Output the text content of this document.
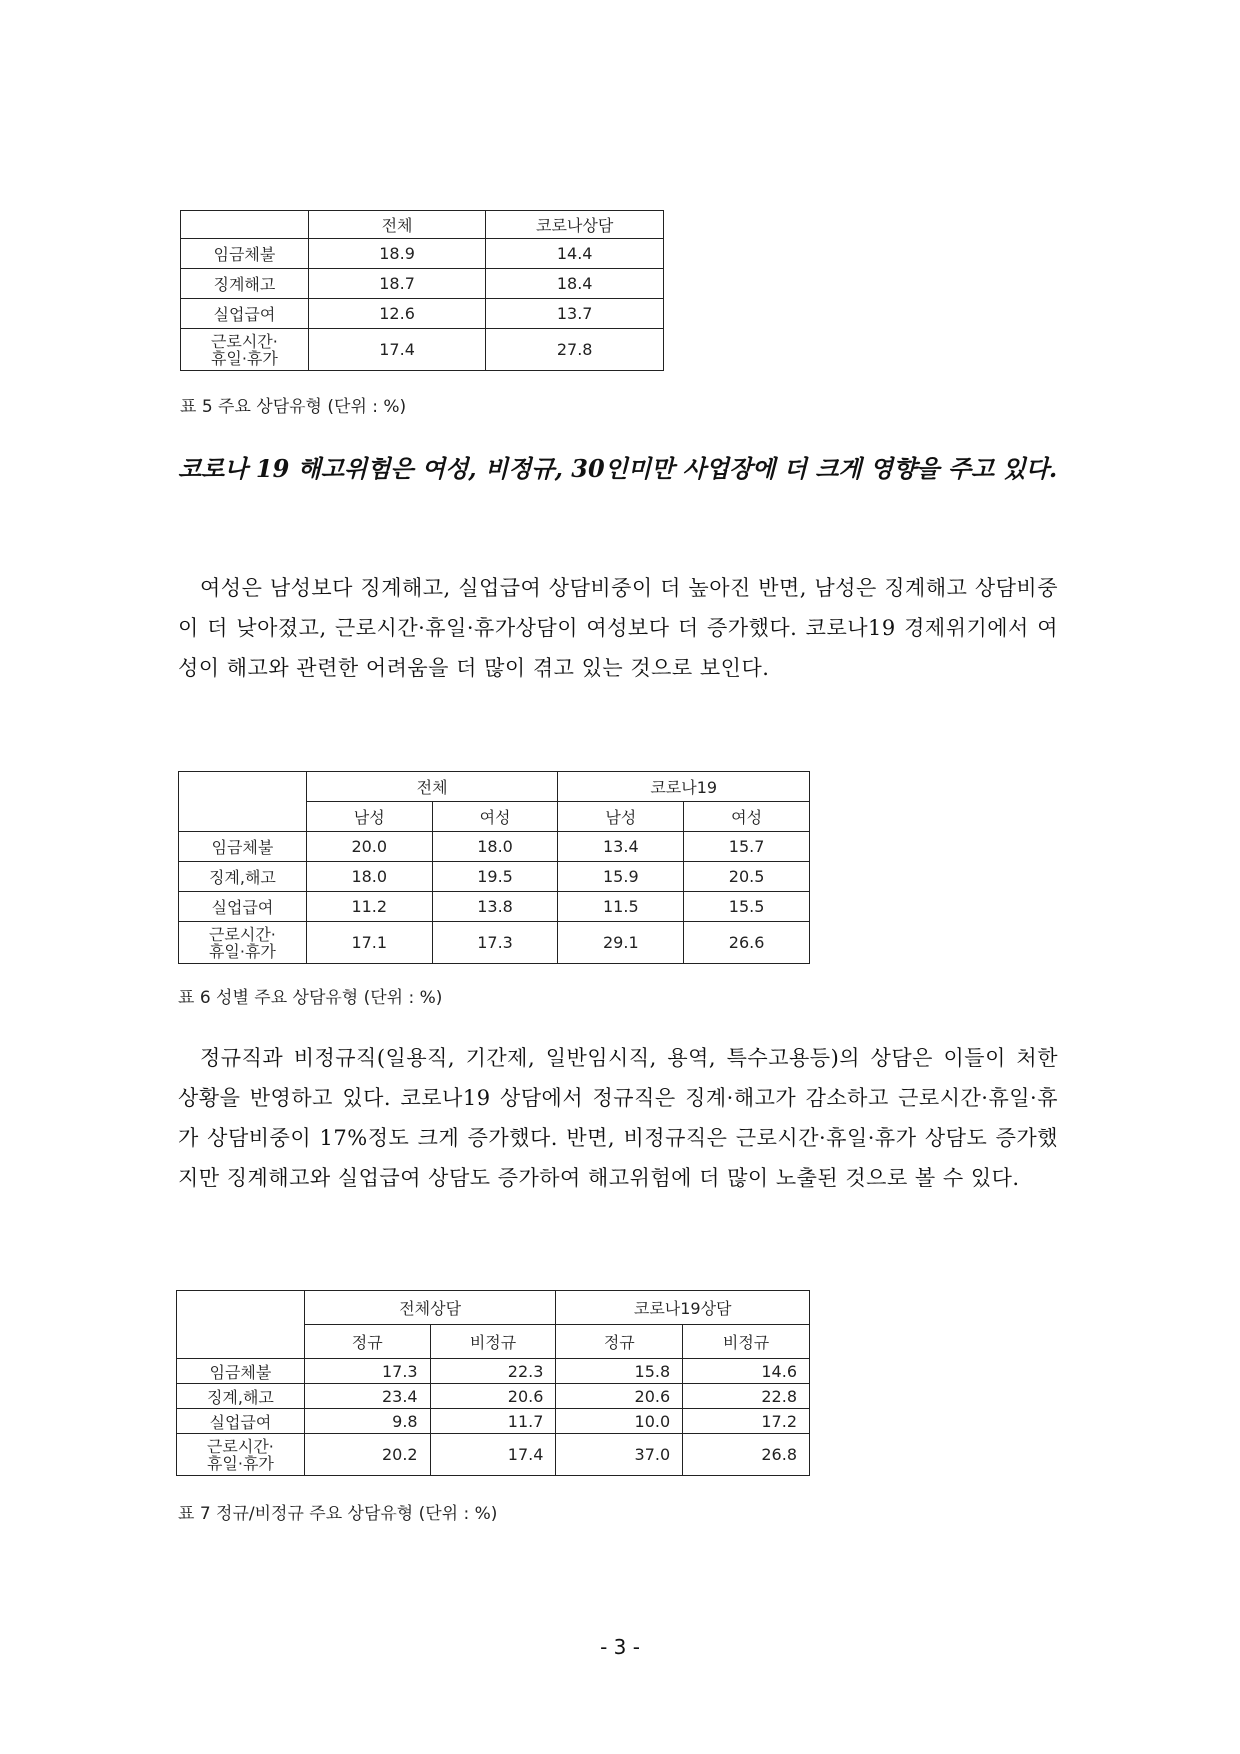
	전체	코로나상담
임금체불	18.9	14.4
징계해고	18.7	18.4
실업급여	12.6	13.7
근로시간·
휴일·휴가	17.4	27.8
표 5 주요 상담유형 (단위 : %)
코로나 19 해고위험은 여성, 비정규, 30인미만 사업장에 더 크게 영향을 주고 있다.
여성은 남성보다 징계해고, 실업급여 상담비중이 더 높아진 반면, 남성은 징계해고 상담비중이 더 낮아졌고, 근로시간·휴일·휴가상담이 여성보다 더 증가했다. 코로나19 경제위기에서 여성이 해고와 관련한 어려움을 더 많이 겪고 있는 것으로 보인다.
	전체		코로나19	
	남성	여성	남성	여성
임금체불	20.0	18.0	13.4	15.7
징계,해고	18.0	19.5	15.9	20.5
실업급여	11.2	13.8	11.5	15.5
근로시간·
휴일·휴가	17.1	17.3	29.1	26.6
표 6 성별 주요 상담유형 (단위 : %)
정규직과 비정규직(일용직, 기간제, 일반임시직, 용역, 특수고용등)의 상담은 이들이 처한 상황을 반영하고 있다. 코로나19 상담에서 정규직은 징계·해고가 감소하고 근로시간·휴일·휴가 상담비중이 17%정도 크게 증가했다. 반면, 비정규직은 근로시간·휴일·휴가 상담도 증가했지만 징계해고와 실업급여 상담도 증가하여 해고위험에 더 많이 노출된 것으로 볼 수 있다.
	전체상담		코로나19상담	
	정규	비정규	정규	비정규
임금체불	17.3	22.3	15.8	14.6
징계,해고	23.4	20.6	20.6	22.8
실업급여	9.8	11.7	10.0	17.2
근로시간·
휴일·휴가	20.2	17.4	37.0	26.8
표 7 정규/비정규 주요 상담유형 (단위 : %)
- 3 -
